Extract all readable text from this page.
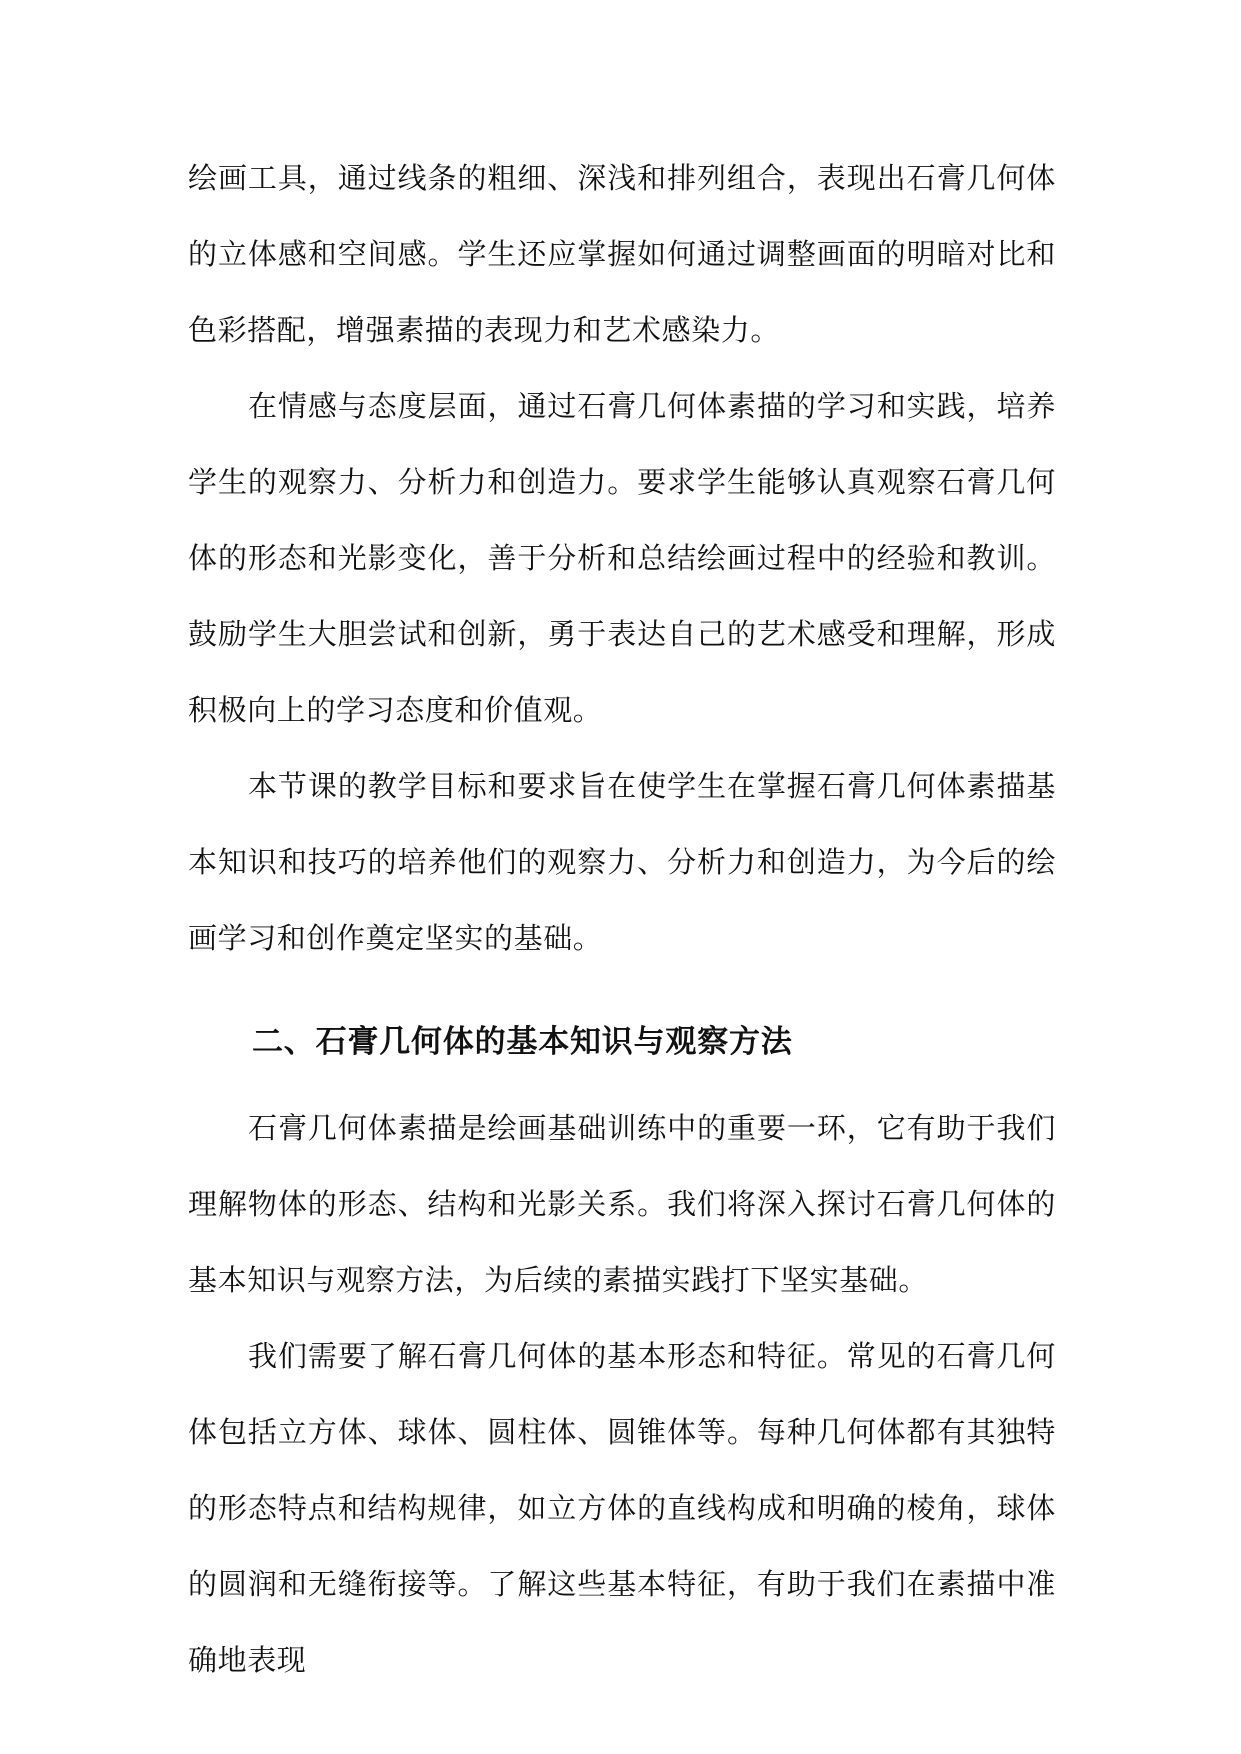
绘画工具，通过线条的粗细、深浅和排列组合，表现出石膏几何体的立体感和空间感。学生还应掌握如何通过调整画面的明暗对比和色彩搭配，增强素描的表现力和艺术感染力。

在情感与态度层面，通过石膏几何体素描的学习和实践，培养学生的观察力、分析力和创造力。要求学生能够认真观察石膏几何体的形态和光影变化，善于分析和总结绘画过程中的经验和教训。鼓励学生大胆尝试和创新，勇于表达自己的艺术感受和理解，形成积极向上的学习态度和价值观。

本节课的教学目标和要求旨在使学生在掌握石膏几何体素描基本知识和技巧的培养他们的观察力、分析力和创造力，为今后的绘画学习和创作奠定坚实的基础。

二、石膏几何体的基本知识与观察方法

石膏几何体素描是绘画基础训练中的重要一环，它有助于我们理解物体的形态、结构和光影关系。我们将深入探讨石膏几何体的基本知识与观察方法，为后续的素描实践打下坚实基础。

我们需要了解石膏几何体的基本形态和特征。常见的石膏几何体包括立方体、球体、圆柱体、圆锥体等。每种几何体都有其独特的形态特点和结构规律，如立方体的直线构成和明确的棱角，球体的圆润和无缝衔接等。了解这些基本特征，有助于我们在素描中准确地表现
